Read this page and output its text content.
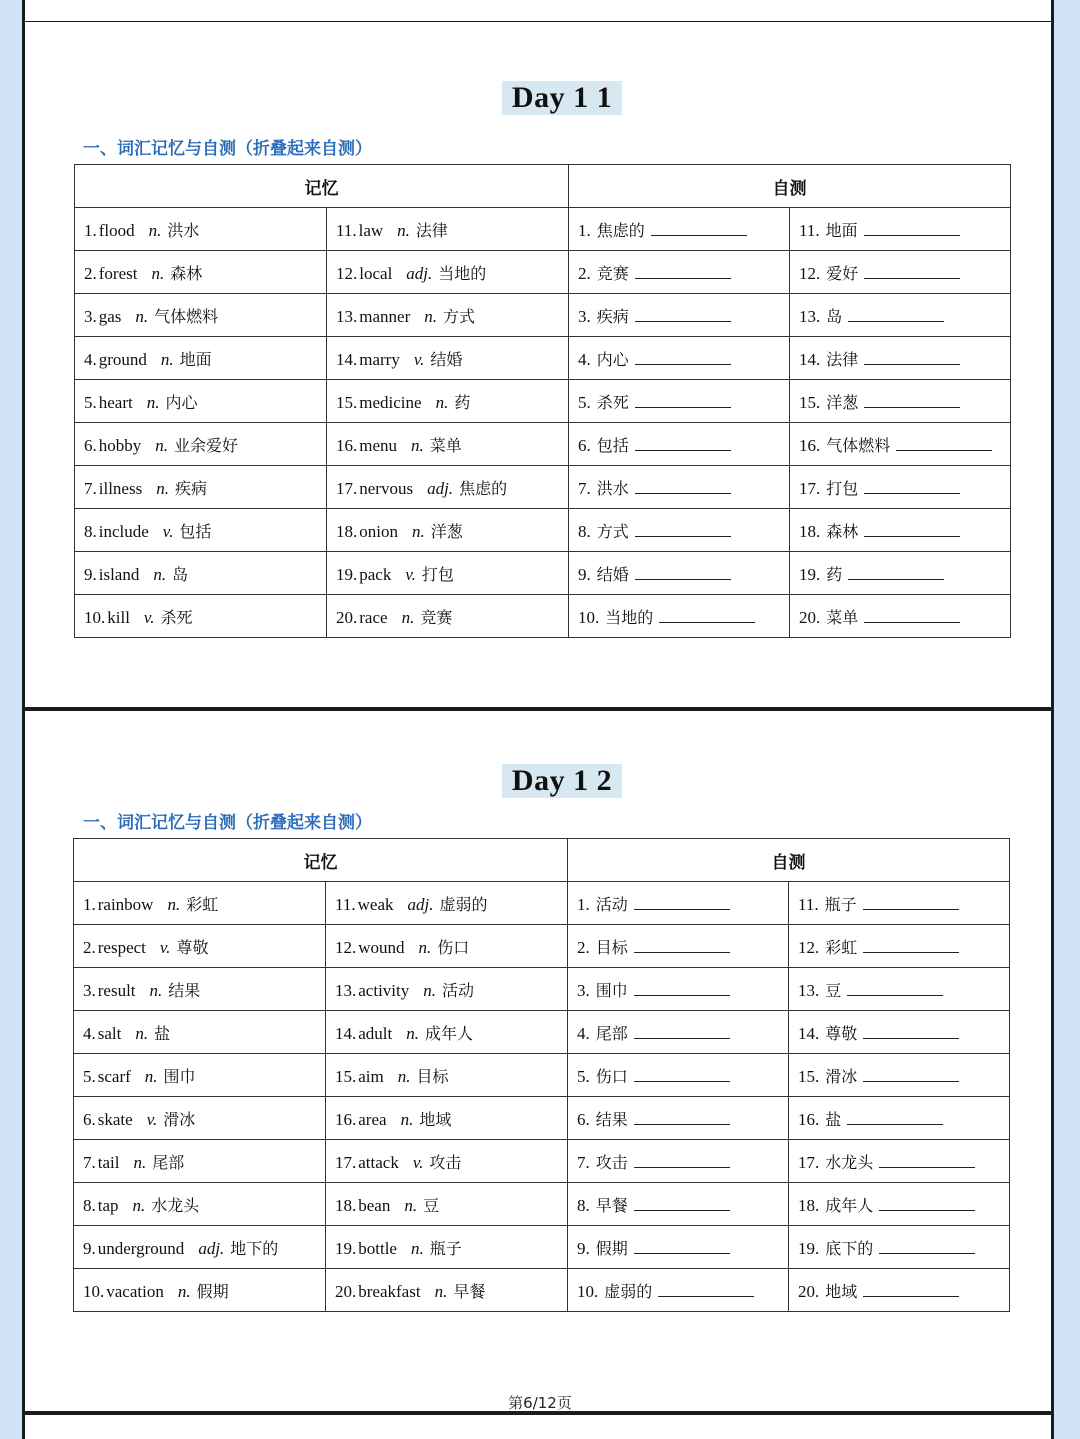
Day 1 1
一、词汇记忆与自测（折叠起来自测）
记忆		自测	
1. flood n. 洪水	11. law n. 法律	1. 焦虑的	11. 地面
2. forest n. 森林	12. local adj. 当地的	2. 竞赛	12. 爱好
3. gas n. 气体燃料	13. manner n. 方式	3. 疾病	13. 岛
4. ground n. 地面	14. marry v. 结婚	4. 内心	14. 法律
5. heart n. 内心	15. medicine n. 药	5. 杀死	15. 洋葱
6. hobby n. 业余爱好	16. menu n. 菜单	6. 包括	16. 气体燃料
7. illness n. 疾病	17. nervous adj. 焦虑的	7. 洪水	17. 打包
8. include v. 包括	18. onion n. 洋葱	8. 方式	18. 森林
9. island n. 岛	19. pack v. 打包	9. 结婚	19. 药
10. kill v. 杀死	20. race n. 竞赛	10. 当地的	20. 菜单
Day 1 2
一、词汇记忆与自测（折叠起来自测）
记忆		自测	
1. rainbow n. 彩虹	11. weak adj. 虚弱的	1. 活动	11. 瓶子
2. respect v. 尊敬	12. wound n. 伤口	2. 目标	12. 彩虹
3. result n. 结果	13. activity n. 活动	3. 围巾	13. 豆
4. salt n. 盐	14. adult n. 成年人	4. 尾部	14. 尊敬
5. scarf n. 围巾	15. aim n. 目标	5. 伤口	15. 滑冰
6. skate v. 滑冰	16. area n. 地域	6. 结果	16. 盐
7. tail n. 尾部	17. attack v. 攻击	7. 攻击	17. 水龙头
8. tap n. 水龙头	18. bean n. 豆	8. 早餐	18. 成年人
9. underground adj. 地下的	19. bottle n. 瓶子	9. 假期	19. 底下的
10. vacation n. 假期	20. breakfast n. 早餐	10. 虚弱的	20. 地域
第6/12页
